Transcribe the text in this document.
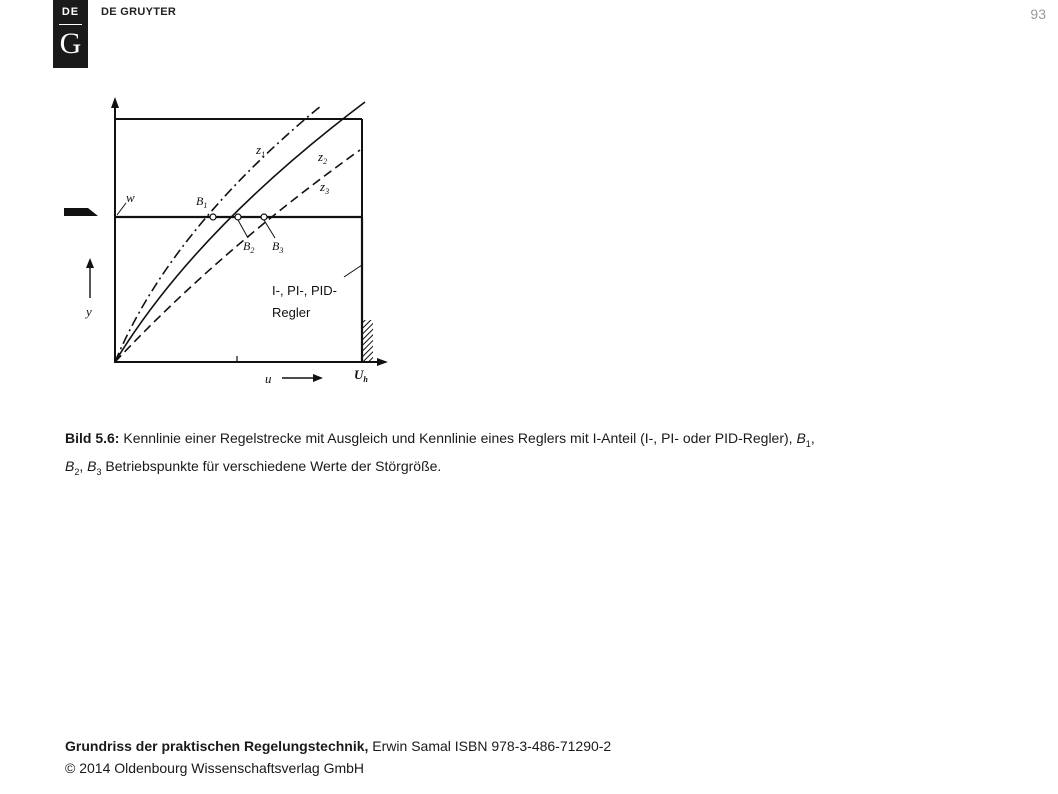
DE
G
DE GRUYTER	93
$z_1$	$z_2$
$z_3$
$B_1$
$B_2$ $B_3$
w
y
u	$U_h$
I-, PI-, PID-
Regler
Bild 5.6: Kennlinie einer Regelstrecke mit Ausgleich und Kennlinie eines Reglers mit I-Anteil (I-, PI- oder PID-Regler), $B_1$, $B_2$, $B_3$ Betriebspunkte für verschiedene Werte der Störgröße.
Grundriss der praktischen Regelungstechnik, Erwin Samal ISBN 978-3-486-71290-2
© 2014 Oldenbourg Wissenschaftsverlag GmbH
